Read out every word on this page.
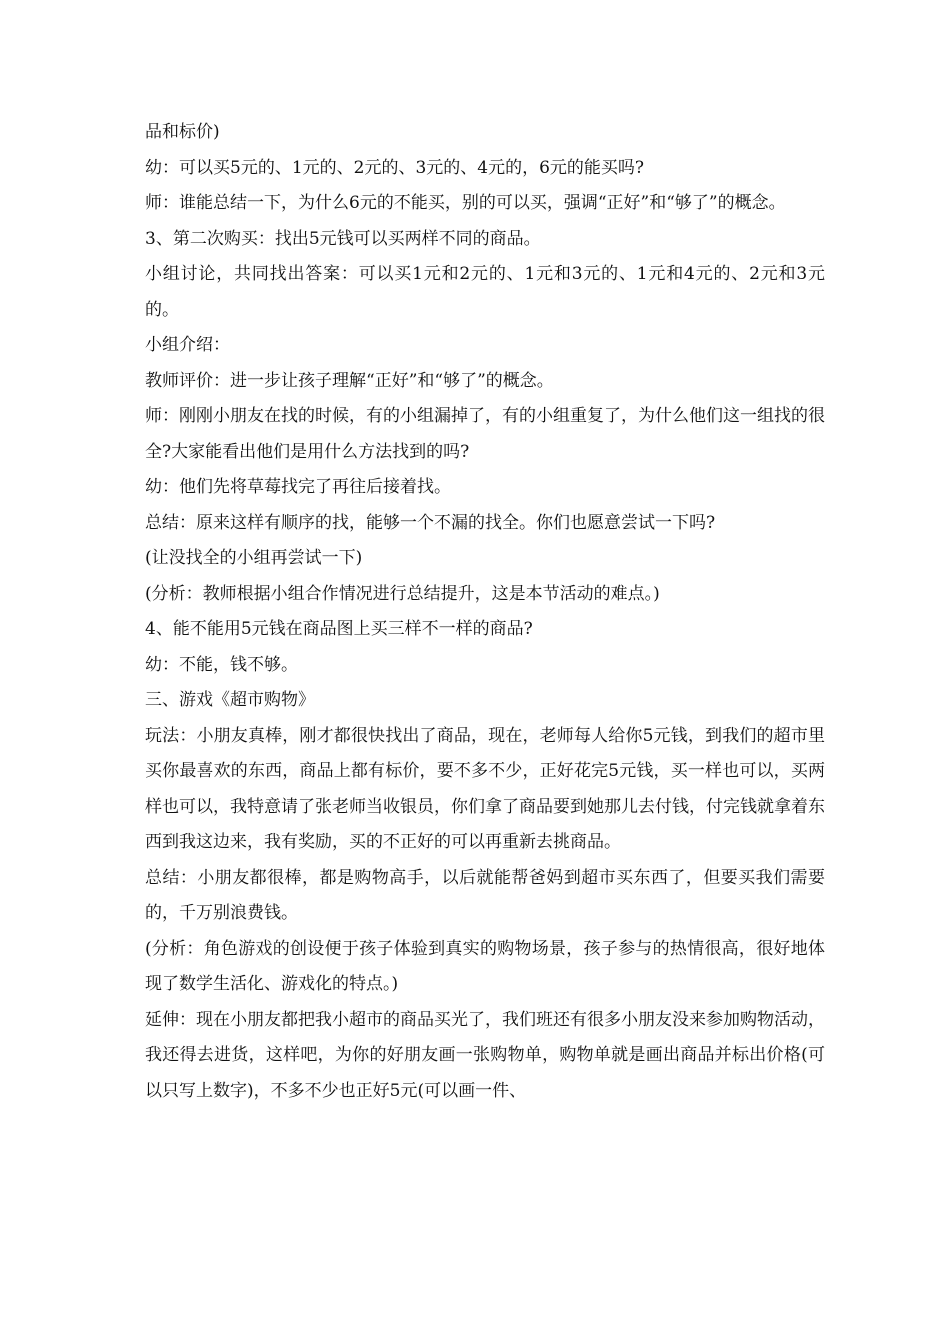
品和标价)

幼：可以买5元的、1元的、2元的、3元的、4元的，6元的能买吗?

师：谁能总结一下，为什么6元的不能买，别的可以买，强调“正好”和“够了”的概念。

3、第二次购买：找出5元钱可以买两样不同的商品。

小组讨论，共同找出答案：可以买1元和2元的、1元和3元的、1元和4元的、2元和3元的。

小组介绍：

教师评价：进一步让孩子理解“正好”和“够了”的概念。

师：刚刚小朋友在找的时候，有的小组漏掉了，有的小组重复了，为什么他们这一组找的很全?大家能看出他们是用什么方法找到的吗?

幼：他们先将草莓找完了再往后接着找。

总结：原来这样有顺序的找，能够一个不漏的找全。你们也愿意尝试一下吗?

(让没找全的小组再尝试一下)

(分析：教师根据小组合作情况进行总结提升，这是本节活动的难点。)

4、能不能用5元钱在商品图上买三样不一样的商品?

幼：不能，钱不够。

三、游戏《超市购物》

玩法：小朋友真棒，刚才都很快找出了商品，现在，老师每人给你5元钱，到我们的超市里买你最喜欢的东西，商品上都有标价，要不多不少，正好花完5元钱，买一样也可以，买两样也可以，我特意请了张老师当收银员，你们拿了商品要到她那儿去付钱，付完钱就拿着东西到我这边来，我有奖励，买的不正好的可以再重新去挑商品。

总结：小朋友都很棒，都是购物高手，以后就能帮爸妈到超市买东西了，但要买我们需要的，千万别浪费钱。

(分析：角色游戏的创设便于孩子体验到真实的购物场景，孩子参与的热情很高，很好地体现了数学生活化、游戏化的特点。)

延伸：现在小朋友都把我小超市的商品买光了，我们班还有很多小朋友没来参加购物活动，我还得去进货，这样吧，为你的好朋友画一张购物单，购物单就是画出商品并标出价格(可以只写上数字)，不多不少也正好5元(可以画一件、
